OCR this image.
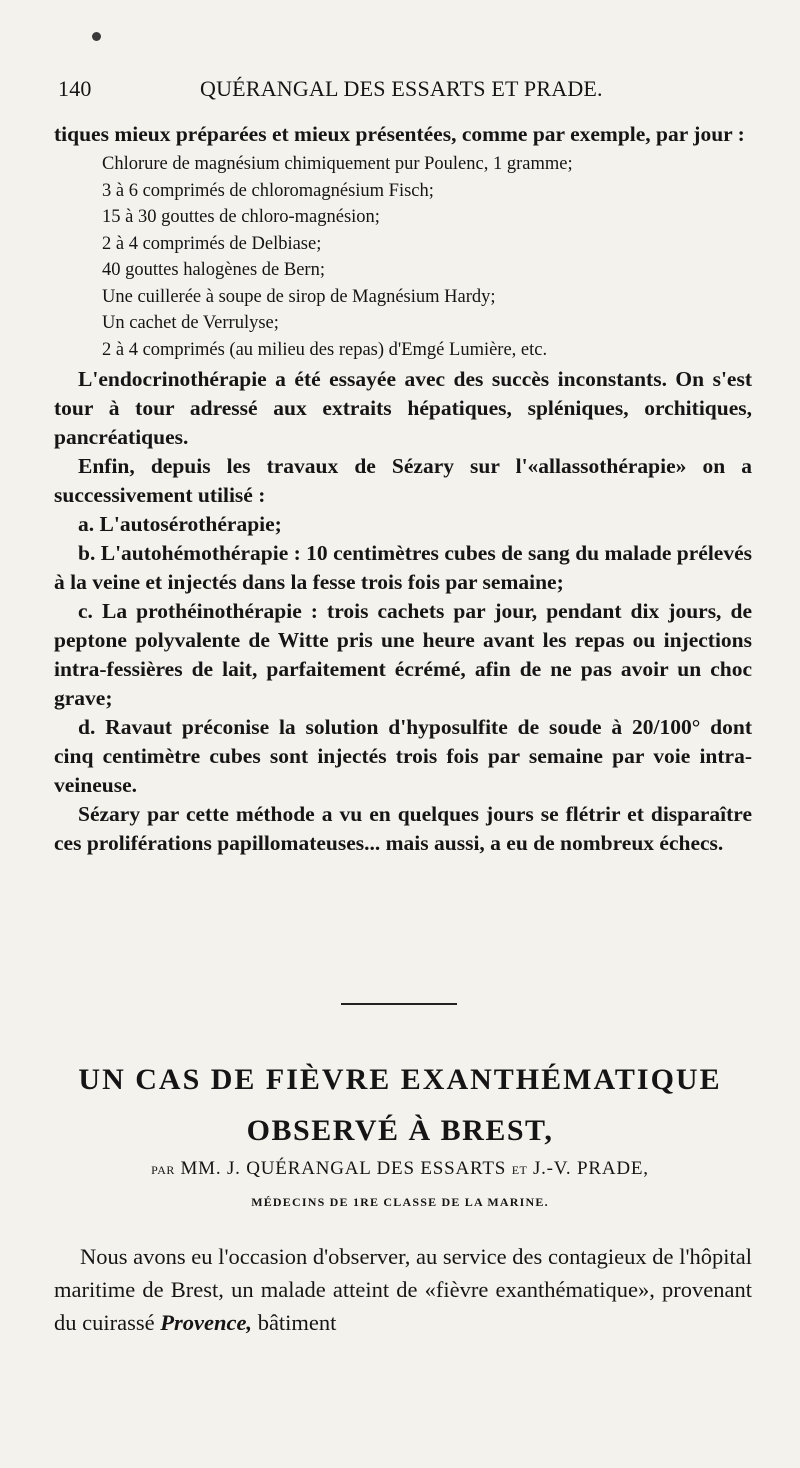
140	QUÉRANGAL DES ESSARTS ET PRADE.

tiques mieux préparées et mieux présentées, comme par exemple, par jour :

Chlorure de magnésium chimiquement pur Poulenc, 1 gramme;
3 à 6 comprimés de chloromagnésium Fisch;
15 à 30 gouttes de chloro-magnésion;
2 à 4 comprimés de Delbiase;
40 gouttes halogènes de Bern;
Une cuillerée à soupe de sirop de Magnésium Hardy;
Un cachet de Verrulyse;
2 à 4 comprimés (au milieu des repas) d'Emgé Lumière, etc.

L'endocrinothérapie a été essayée avec des succès inconstants. On s'est tour à tour adressé aux extraits hépatiques, spléniques, orchitiques, pancréatiques.

Enfin, depuis les travaux de Sézary sur l'«allassothérapie» on a successivement utilisé :

a. L'autosérothérapie;

b. L'autohémothérapie : 10 centimètres cubes de sang du malade prélevés à la veine et injectés dans la fesse trois fois par semaine;

c. La prothéinothérapie : trois cachets par jour, pendant dix jours, de peptone polyvalente de Witte pris une heure avant les repas ou injections intra-fessières de lait, parfaitement écrémé, afin de ne pas avoir un choc grave;

d. Ravaut préconise la solution d'hyposulfite de soude à 20/100° dont cinq centimètre cubes sont injectés trois fois par semaine par voie intra-veineuse.

Sézary par cette méthode a vu en quelques jours se flétrir et disparaître ces proliférations papillomateuses... mais aussi, a eu de nombreux échecs.

UN CAS DE FIÈVRE EXANTHÉMATIQUE
OBSERVÉ À BREST,
PAR MM. J. QUÉRANGAL DES ESSARTS ET J.-V. PRADE,
MÉDECINS DE 1RE CLASSE DE LA MARINE.

Nous avons eu l'occasion d'observer, au service des contagieux de l'hôpital maritime de Brest, un malade atteint de «fièvre exanthématique», provenant du cuirassé Provence, bâtiment
